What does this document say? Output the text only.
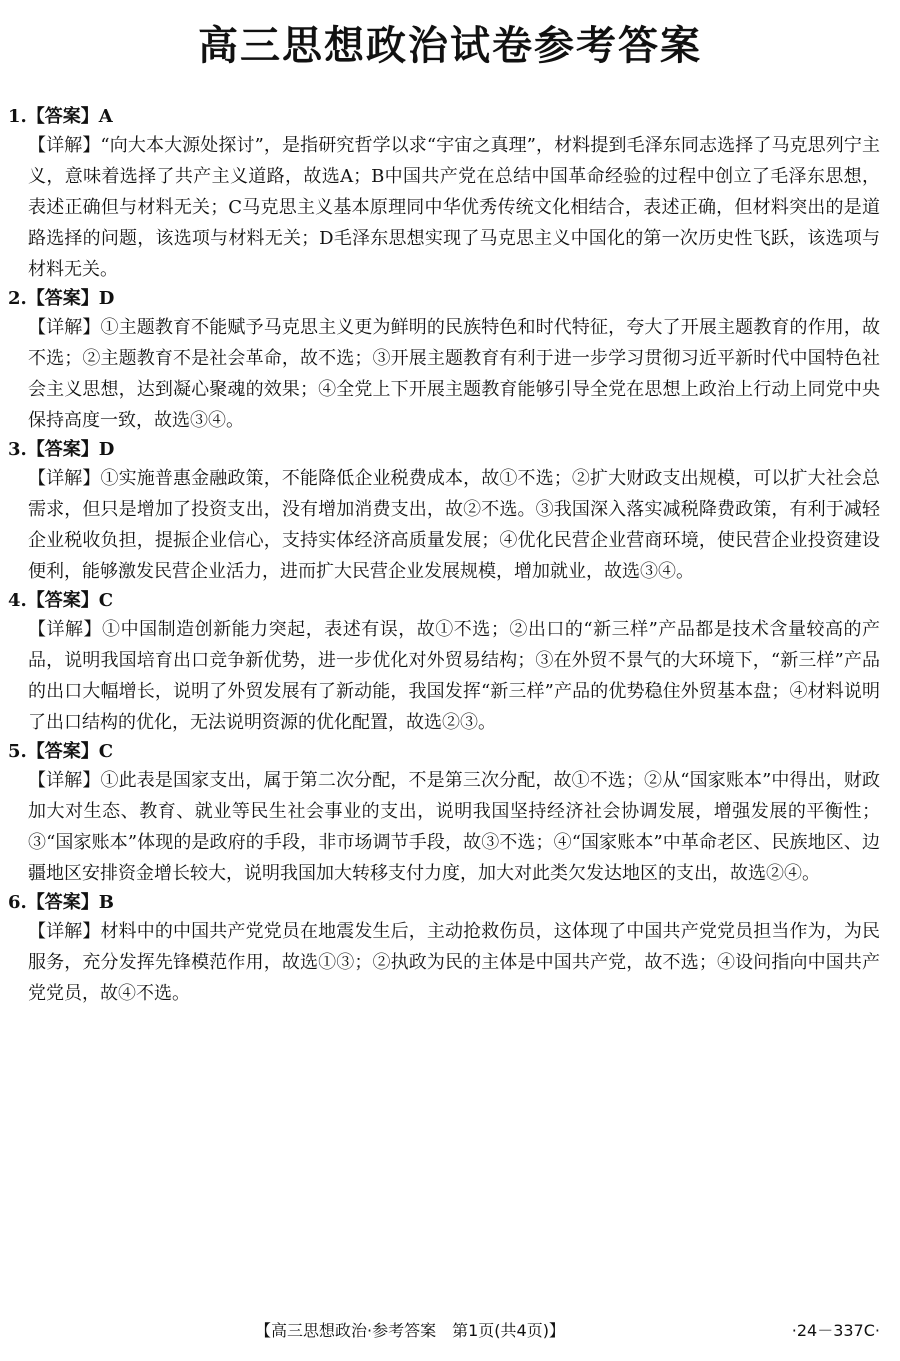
高三思想政治试卷参考答案
1.【答案】A
【详解】“向大本大源处探讨”，是指研究哲学以求“宇宙之真理”，材料提到毛泽东同志选择了马克思列宁主义，意味着选择了共产主义道路，故选A；B中国共产党在总结中国革命经验的过程中创立了毛泽东思想，表述正确但与材料无关；C马克思主义基本原理同中华优秀传统文化相结合，表述正确，但材料突出的是道路选择的问题，该选项与材料无关；D毛泽东思想实现了马克思主义中国化的第一次历史性飞跃，该选项与材料无关。
2.【答案】D
【详解】①主题教育不能赋予马克思主义更为鲜明的民族特色和时代特征，夸大了开展主题教育的作用，故不选；②主题教育不是社会革命，故不选；③开展主题教育有利于进一步学习贯彻习近平新时代中国特色社会主义思想，达到凝心聚魂的效果；④全党上下开展主题教育能够引导全党在思想上政治上行动上同党中央保持高度一致，故选③④。
3.【答案】D
【详解】①实施普惠金融政策，不能降低企业税费成本，故①不选；②扩大财政支出规模，可以扩大社会总需求，但只是增加了投资支出，没有增加消费支出，故②不选。③我国深入落实减税降费政策，有利于减轻企业税收负担，提振企业信心，支持实体经济高质量发展；④优化民营企业营商环境，使民营企业投资建设便利，能够激发民营企业活力，进而扩大民营企业发展规模，增加就业，故选③④。
4.【答案】C
【详解】①中国制造创新能力突起，表述有误，故①不选；②出口的“新三样”产品都是技术含量较高的产品，说明我国培育出口竞争新优势，进一步优化对外贸易结构；③在外贸不景气的大环境下，“新三样”产品的出口大幅增长，说明了外贸发展有了新动能，我国发挥“新三样”产品的优势稳住外贸基本盘；④材料说明了出口结构的优化，无法说明资源的优化配置，故选②③。
5.【答案】C
【详解】①此表是国家支出，属于第二次分配，不是第三次分配，故①不选；②从“国家账本”中得出，财政加大对生态、教育、就业等民生社会事业的支出，说明我国坚持经济社会协调发展，增强发展的平衡性；③“国家账本”体现的是政府的手段，非市场调节手段，故③不选；④“国家账本”中革命老区、民族地区、边疆地区安排资金增长较大，说明我国加大转移支付力度，加大对此类欠发达地区的支出，故选②④。
6.【答案】B
【详解】材料中的中国共产党党员在地震发生后，主动抢救伤员，这体现了中国共产党党员担当作为，为民服务，充分发挥先锋模范作用，故选①③；②执政为民的主体是中国共产党，故不选；④设问指向中国共产党党员，故④不选。
【高三思想政治·参考答案　第1页(共4页)】	·24－337C·
